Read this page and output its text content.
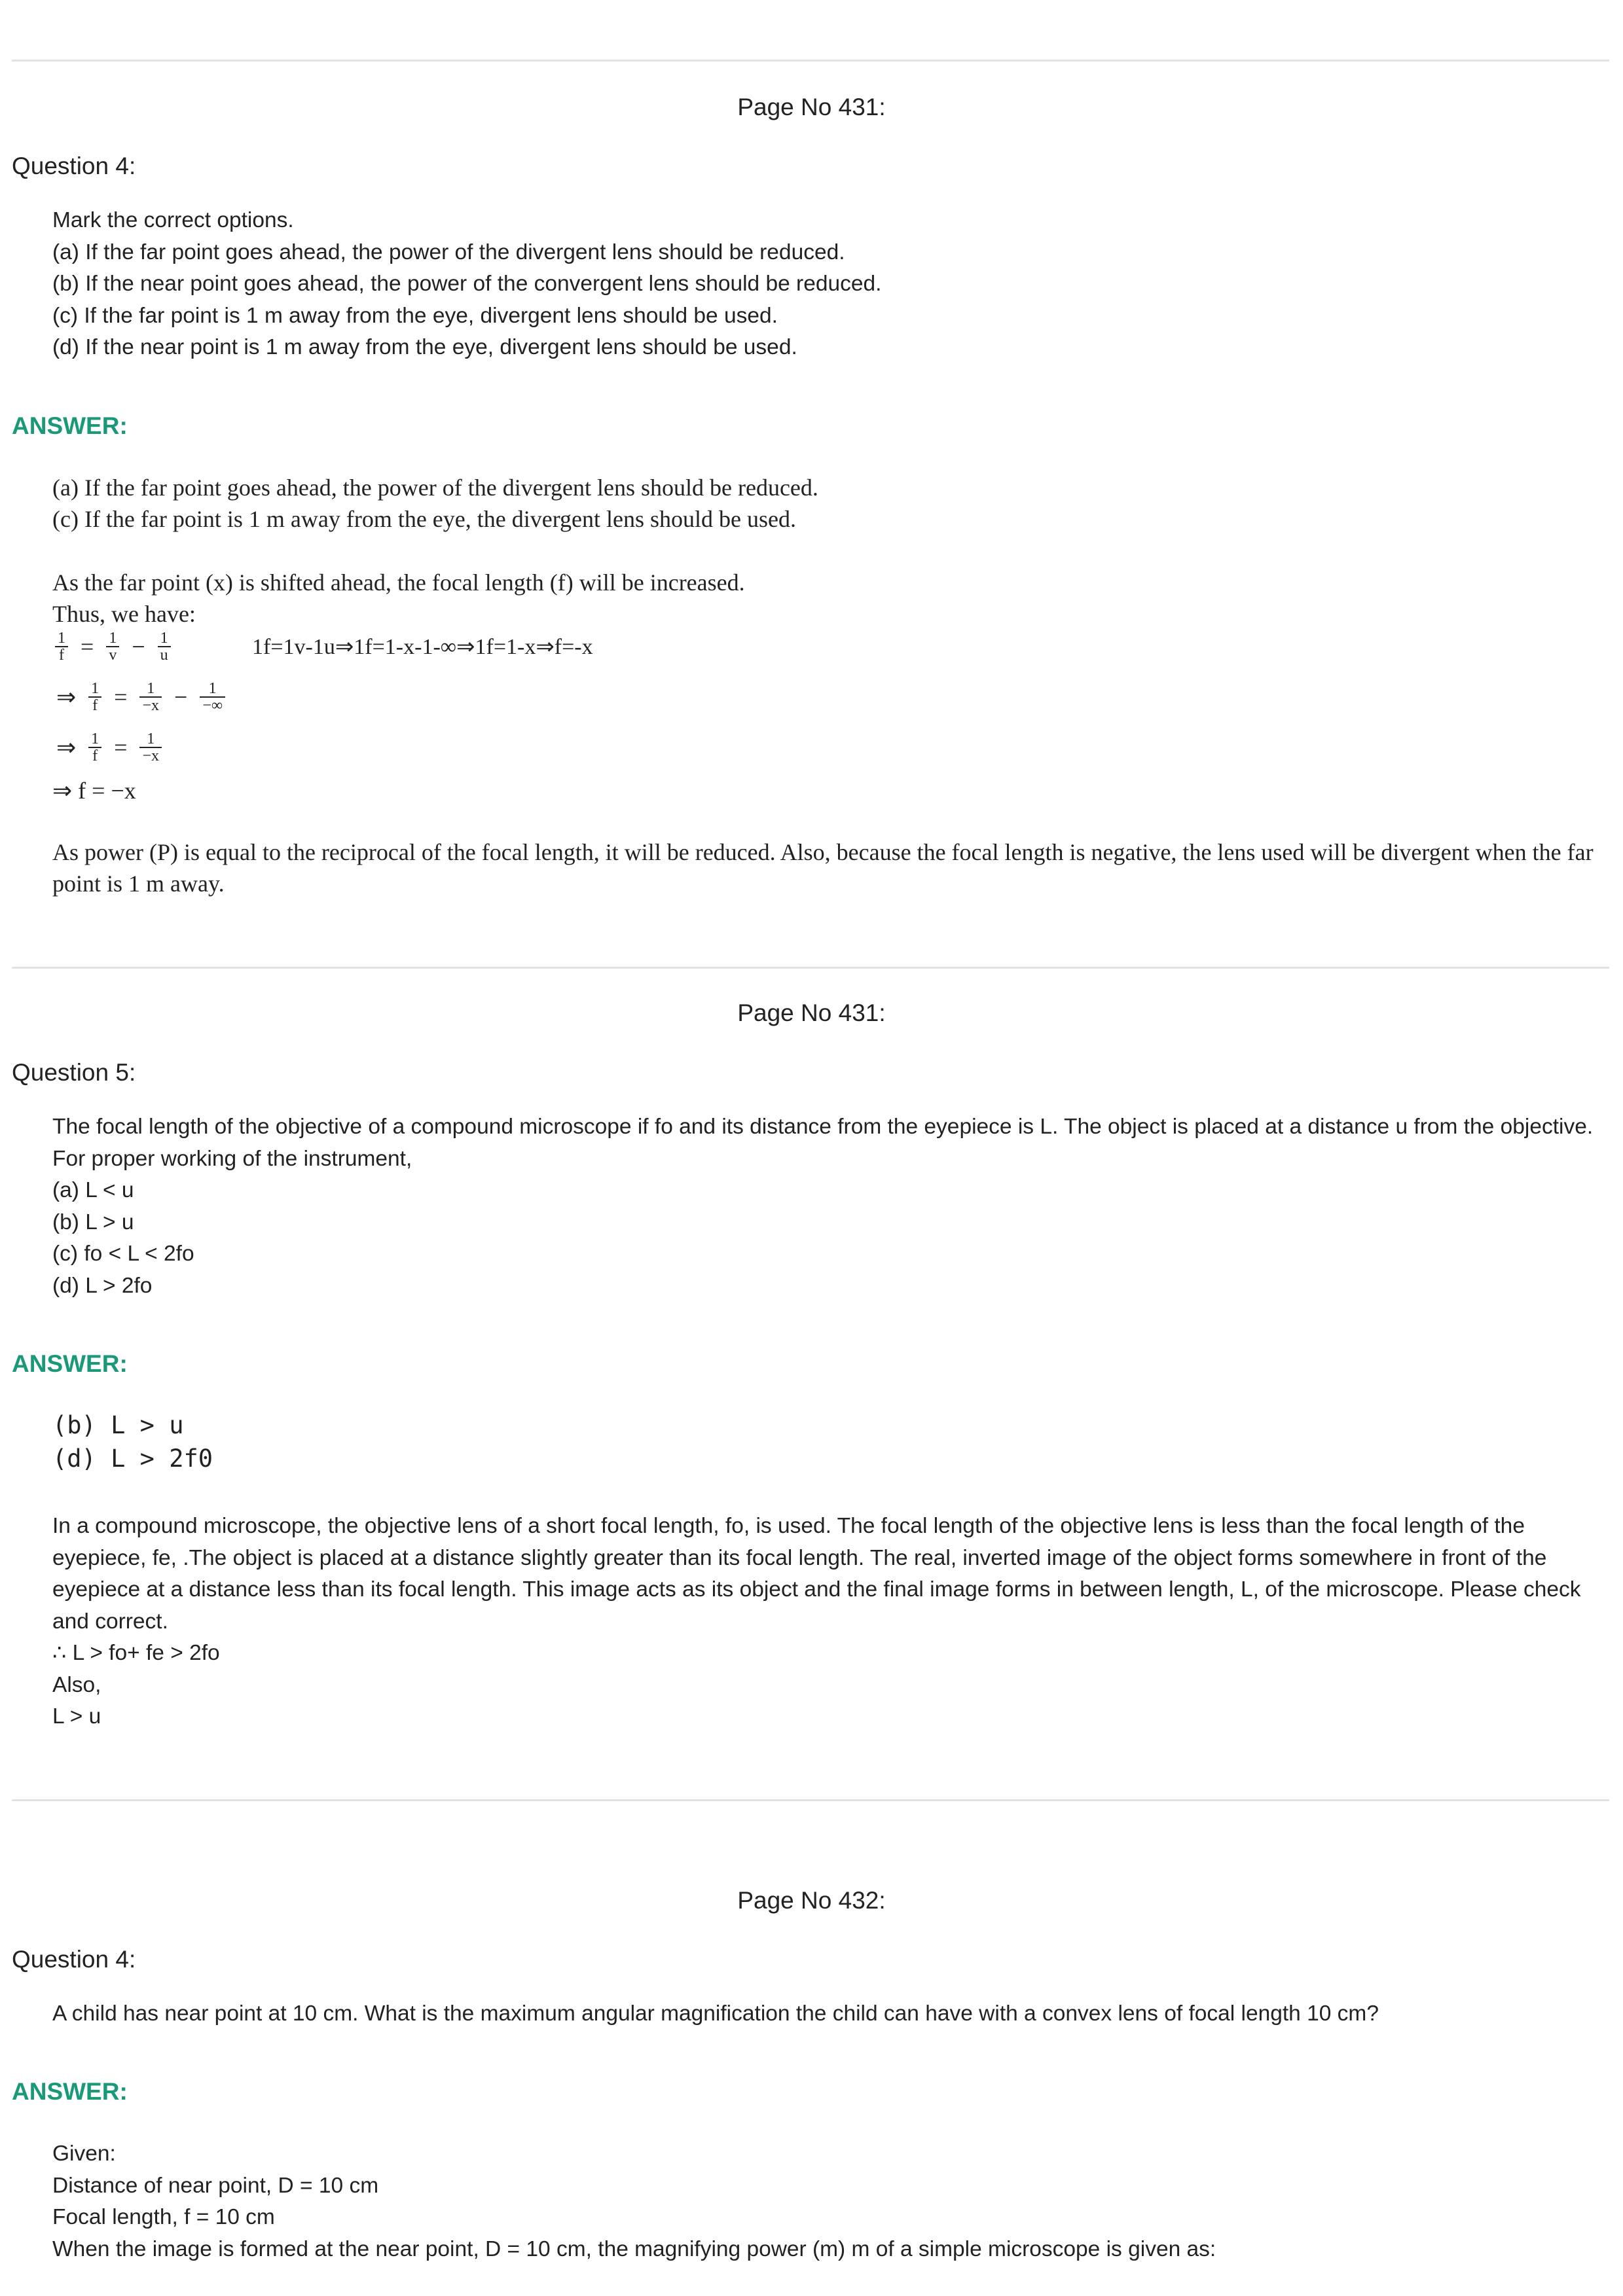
Page No 431:
Question 4:
Mark the correct options.
(a) If the far point goes ahead, the power of the divergent lens should be reduced.
(b) If the near point goes ahead, the power of the convergent lens should be reduced.
(c) If the far point is 1 m away from the eye, divergent lens should be used.
(d) If the near point is 1 m away from the eye, divergent lens should be used.
ANSWER:
(a) If the far point goes ahead, the power of the divergent lens should be reduced.
(c) If the far point is 1 m away from the eye, the divergent lens should be used.
As the far point (x) is shifted ahead, the focal length (f) will be increased.
Thus, we have:
$\frac{1}{f} = \frac{1}{v} - \frac{1}{u}$	1f=1v-1u⇒1f=1-x-1-∞⇒1f=1-x⇒f=-x
⇒ $\frac{1}{f} = \frac{1}{-x} - \frac{1}{-\infty}$
⇒ $\frac{1}{f} = \frac{1}{-x}$
⇒ f = −x
As power (P) is equal to the reciprocal of the focal length, it will be reduced. Also, because the focal length is negative, the lens used will be divergent when the far point is 1 m away.
Page No 431:
Question 5:
The focal length of the objective of a compound microscope if fo and its distance from the eyepiece is L. The object is placed at a distance u from the objective. For proper working of the instrument,
(a) L < u
(b) L > u
(c) fo < L < 2fo
(d) L > 2fo
ANSWER:
(b) L > u
(d) L > 2f0
In a compound microscope, the objective lens of a short focal length, fo, is used. The focal length of the objective lens is less than the focal length of the eyepiece, fe, .The object is placed at a distance slightly greater than its focal length. The real, inverted image of the object forms somewhere in front of the eyepiece at a distance less than its focal length. This image acts as its object and the final image forms in between length, L, of the microscope. Please check and correct.
∴ L > fo+ fe > 2fo
Also,
L > u
Page No 432:
Question 4:
A child has near point at 10 cm. What is the maximum angular magnification the child can have with a convex lens of focal length 10 cm?
ANSWER:
Given:
Distance of near point, D = 10 cm
Focal length, f = 10 cm
When the image is formed at the near point, D = 10 cm, the magnifying power (m) m of a simple microscope is given as:
